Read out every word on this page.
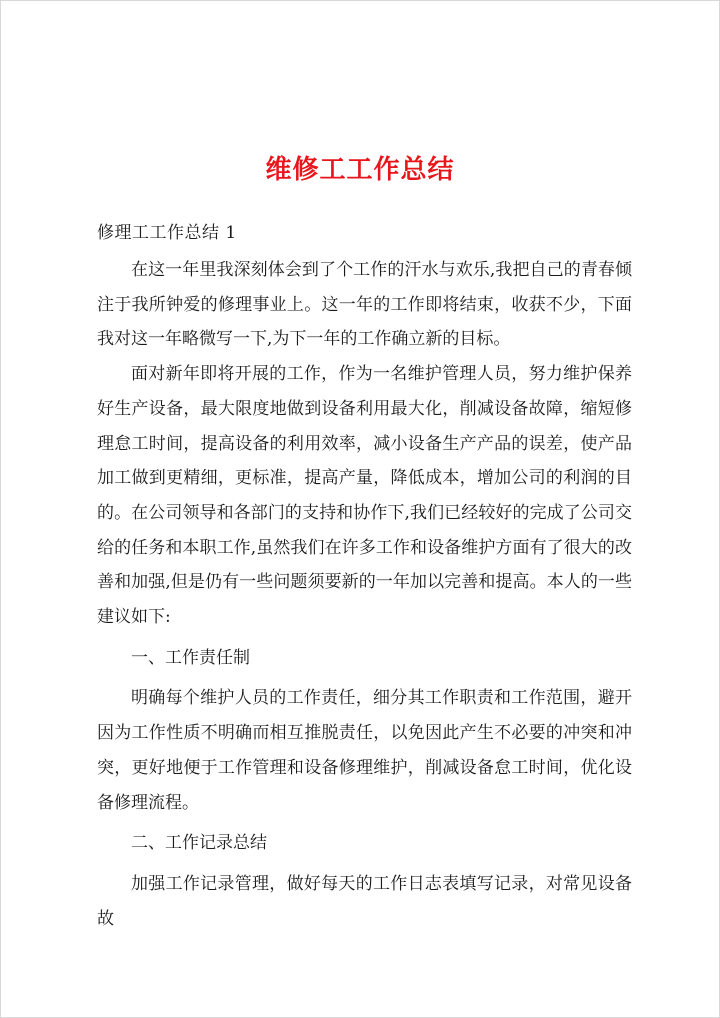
维修工工作总结
修理工工作总结 1

在这一年里我深刻体会到了个工作的汗水与欢乐,我把自己的青春倾注于我所钟爱的修理事业上。这一年的工作即将结束，收获不少，下面我对这一年略微写一下,为下一年的工作确立新的目标。

面对新年即将开展的工作，作为一名维护管理人员，努力维护保养好生产设备，最大限度地做到设备利用最大化，削减设备故障，缩短修理怠工时间，提高设备的利用效率，减小设备生产产品的误差，使产品加工做到更精细，更标准，提高产量，降低成本，增加公司的利润的目的。在公司领导和各部门的支持和协作下,我们已经较好的完成了公司交给的任务和本职工作,虽然我们在许多工作和设备维护方面有了很大的改善和加强,但是仍有一些问题须要新的一年加以完善和提高。本人的一些建议如下:

一、工作责任制

明确每个维护人员的工作责任，细分其工作职责和工作范围，避开因为工作性质不明确而相互推脱责任，以免因此产生不必要的冲突和冲突，更好地便于工作管理和设备修理维护，削减设备怠工时间，优化设备修理流程。

二、工作记录总结

加强工作记录管理，做好每天的工作日志表填写记录，对常见设备故
